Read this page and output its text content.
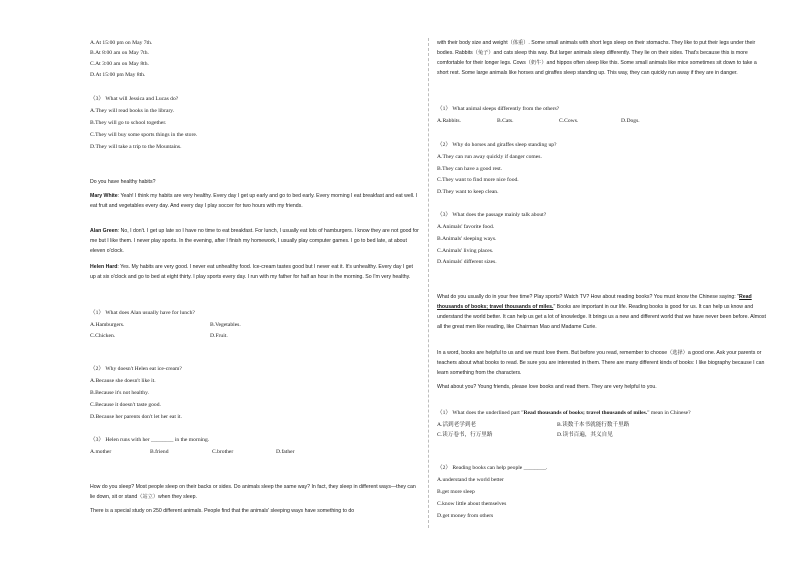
A.At 15:00 pm on May 7th.
B.At 8:00 am on May 7th.
C.At 3:00 am on May 8th.
D.At 15:00 pm May 8th.
（3） What will Jessica and Lucas do?
A.They will read books in the library.
B.They will go to school together.
C.They will buy some sports things in the store.
D.They will take a trip to the Mountains.
Do you have healthy habits?
Mary White: Yeah! I think my habits are very healthy. Every day I get up early and go to bed early. Every morning I eat breakfast and eat well. I eat fruit and vegetables every day. And every day I play soccer for two hours with my friends.
Alan Green: No, I don't. I get up late so I have no time to eat breakfast. For lunch, I usually eat lots of hamburgers. I know they are not good for me but I like them. I never play sports. In the evening, after I finish my homework, I usually play computer games. I go to bed late, at about eleven o'clock.
Helen Hard: Yes. My habits are very good. I never eat unhealthy food. Ice-cream tastes good but I never eat it. It's unhealthy. Every day I get up at six o'clock and go to bed at eight thirty. I play sports every day. I run with my father for half an hour in the morning. So I'm very healthy.
（1） What does Alan usually have for lunch?
A.Hamburgers.	B.Vegetables.
C.Chicken.	D.Fruit.
（2） Why doesn't Helen eat ice-cream?
A.Because she doesn't like it.
B.Because it's not healthy.
C.Because it doesn't taste good.
D.Because her parents don't let her eat it.
（3） Helen runs with her ________ in the morning.
A.mother	B.friend	C.brother	D.father
How do you sleep? Most people sleep on their backs or sides. Do animals sleep the same way? In fact, they sleep in different ways—they can lie down, sit or stand（站立）when they sleep.
There is a special study on 250 different animals. People find that the animals' sleeping ways have something to do
with their body size and weight（体重）. Some small animals with short legs sleep on their stomachs. They like to put their legs under their bodies. Rabbits（兔子）and cats sleep this way. But larger animals sleep differently. They lie on their sides. That's because this is more comfortable for their longer legs. Cows（奶牛）and hippos often sleep like this. Some small animals like mice sometimes sit down to take a short rest. Some large animals like horses and giraffes sleep standing up. This way, they can quickly run away if they are in danger.
（1） What animal sleeps differently from the others?
A.Rabbits.	B.Cats.	C.Cows.	D.Dogs.
（2） Why do horses and giraffes sleep standing up?
A.They can run away quickly if danger comes.
B.They can have a good rest.
C.They want to find more nice food.
D.They want to keep clean.
（3） What does the passage mainly talk about?
A.Animals' favorite food.
B.Animals' sleeping ways.
C.Animals' living places.
D.Animals' different sizes.
What do you usually do in your free time? Play sports? Watch TV? How about reading books? You must know the Chinese saying: "Read thousands of books; travel thousands of miles." Books are important in our life. Reading books is good for us. It can help us know and understand the world better. It can help us get a lot of knowledge. It brings us a new and different world that we have never been before. Almost all the great men like reading, like Chairman Mao and Madame Curie.
In a word, books are helpful to us and we must love them. But before you read, remember to choose（选择）a good one. Ask your parents or teachers about what books to read. Be sure you are interested in them. There are many different kinds of books: I like biography because I can learn something from the characters.
What about you? Young friends, please love books and read them. They are very helpful to you.
（1） What does the underlined part "Read thousands of books; travel thousands of miles." mean in Chinese?
A.活到老学到老	B.读数千本书就能行数千里路
C.读万卷书，行万里路	D.读书百遍，其义自见
（2） Reading books can help people ________.
A.understand the world better
B.get more sleep
C.know little about themselves
D.get money from others
